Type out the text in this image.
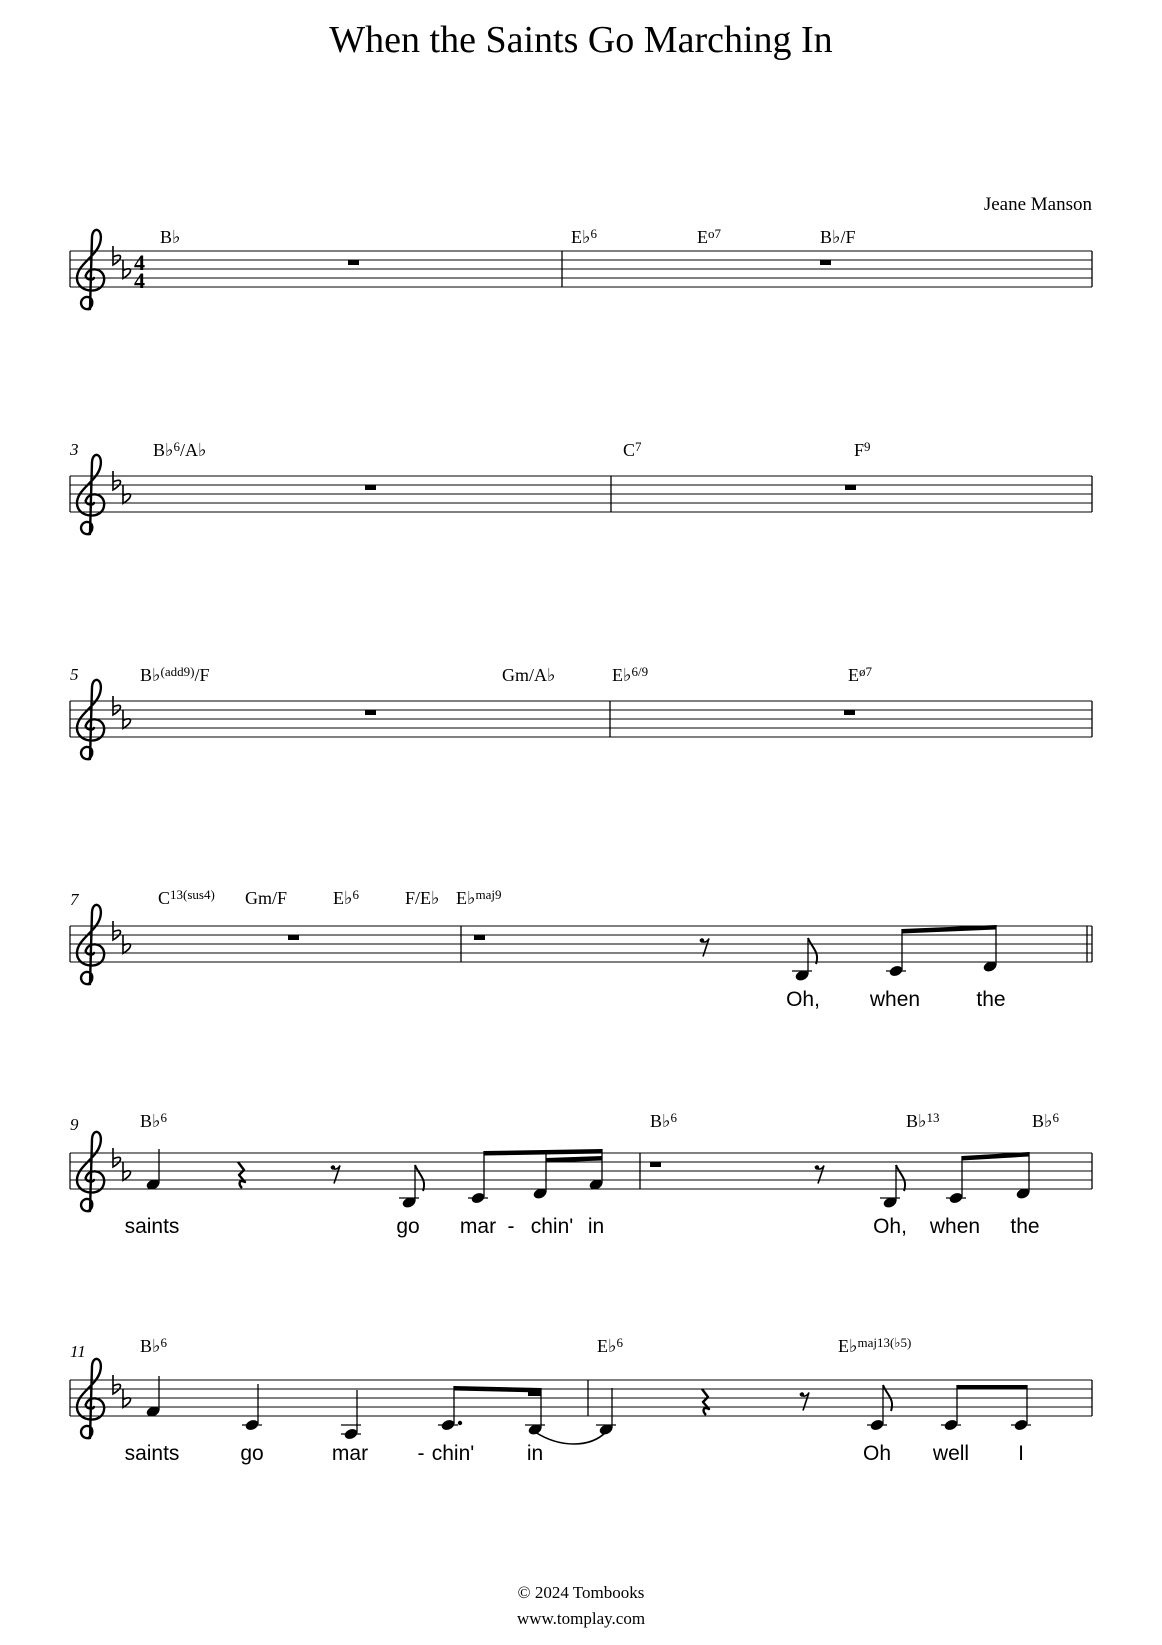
When the Saints Go Marching In
Jeane Manson
4
4
B♭	E♭$^6$	$E^{o7}$	B♭/F
3	B♭$^6$/A♭	$C^7$	$F^9$
5	B♭$^{(add9)}$/F	Gm/A♭	E♭$^{6/9}$	$E^{ø7}$
7	$C^{13(sus4)}$ Gm/F	E♭$^6$	F/E♭ E♭$^{maj9}$
Oh, when	the
9	B♭$^6$	B♭$^6$	B♭$^{13}$	B♭$^6$
saints	go mar - chin' in	Oh, when the
11	B♭$^6$	E♭$^6$	E♭$^{maj13(♭5)}$
saints	go	mar - chin'	in	Oh well I
© 2024 Tombooks
www.tomplay.com
